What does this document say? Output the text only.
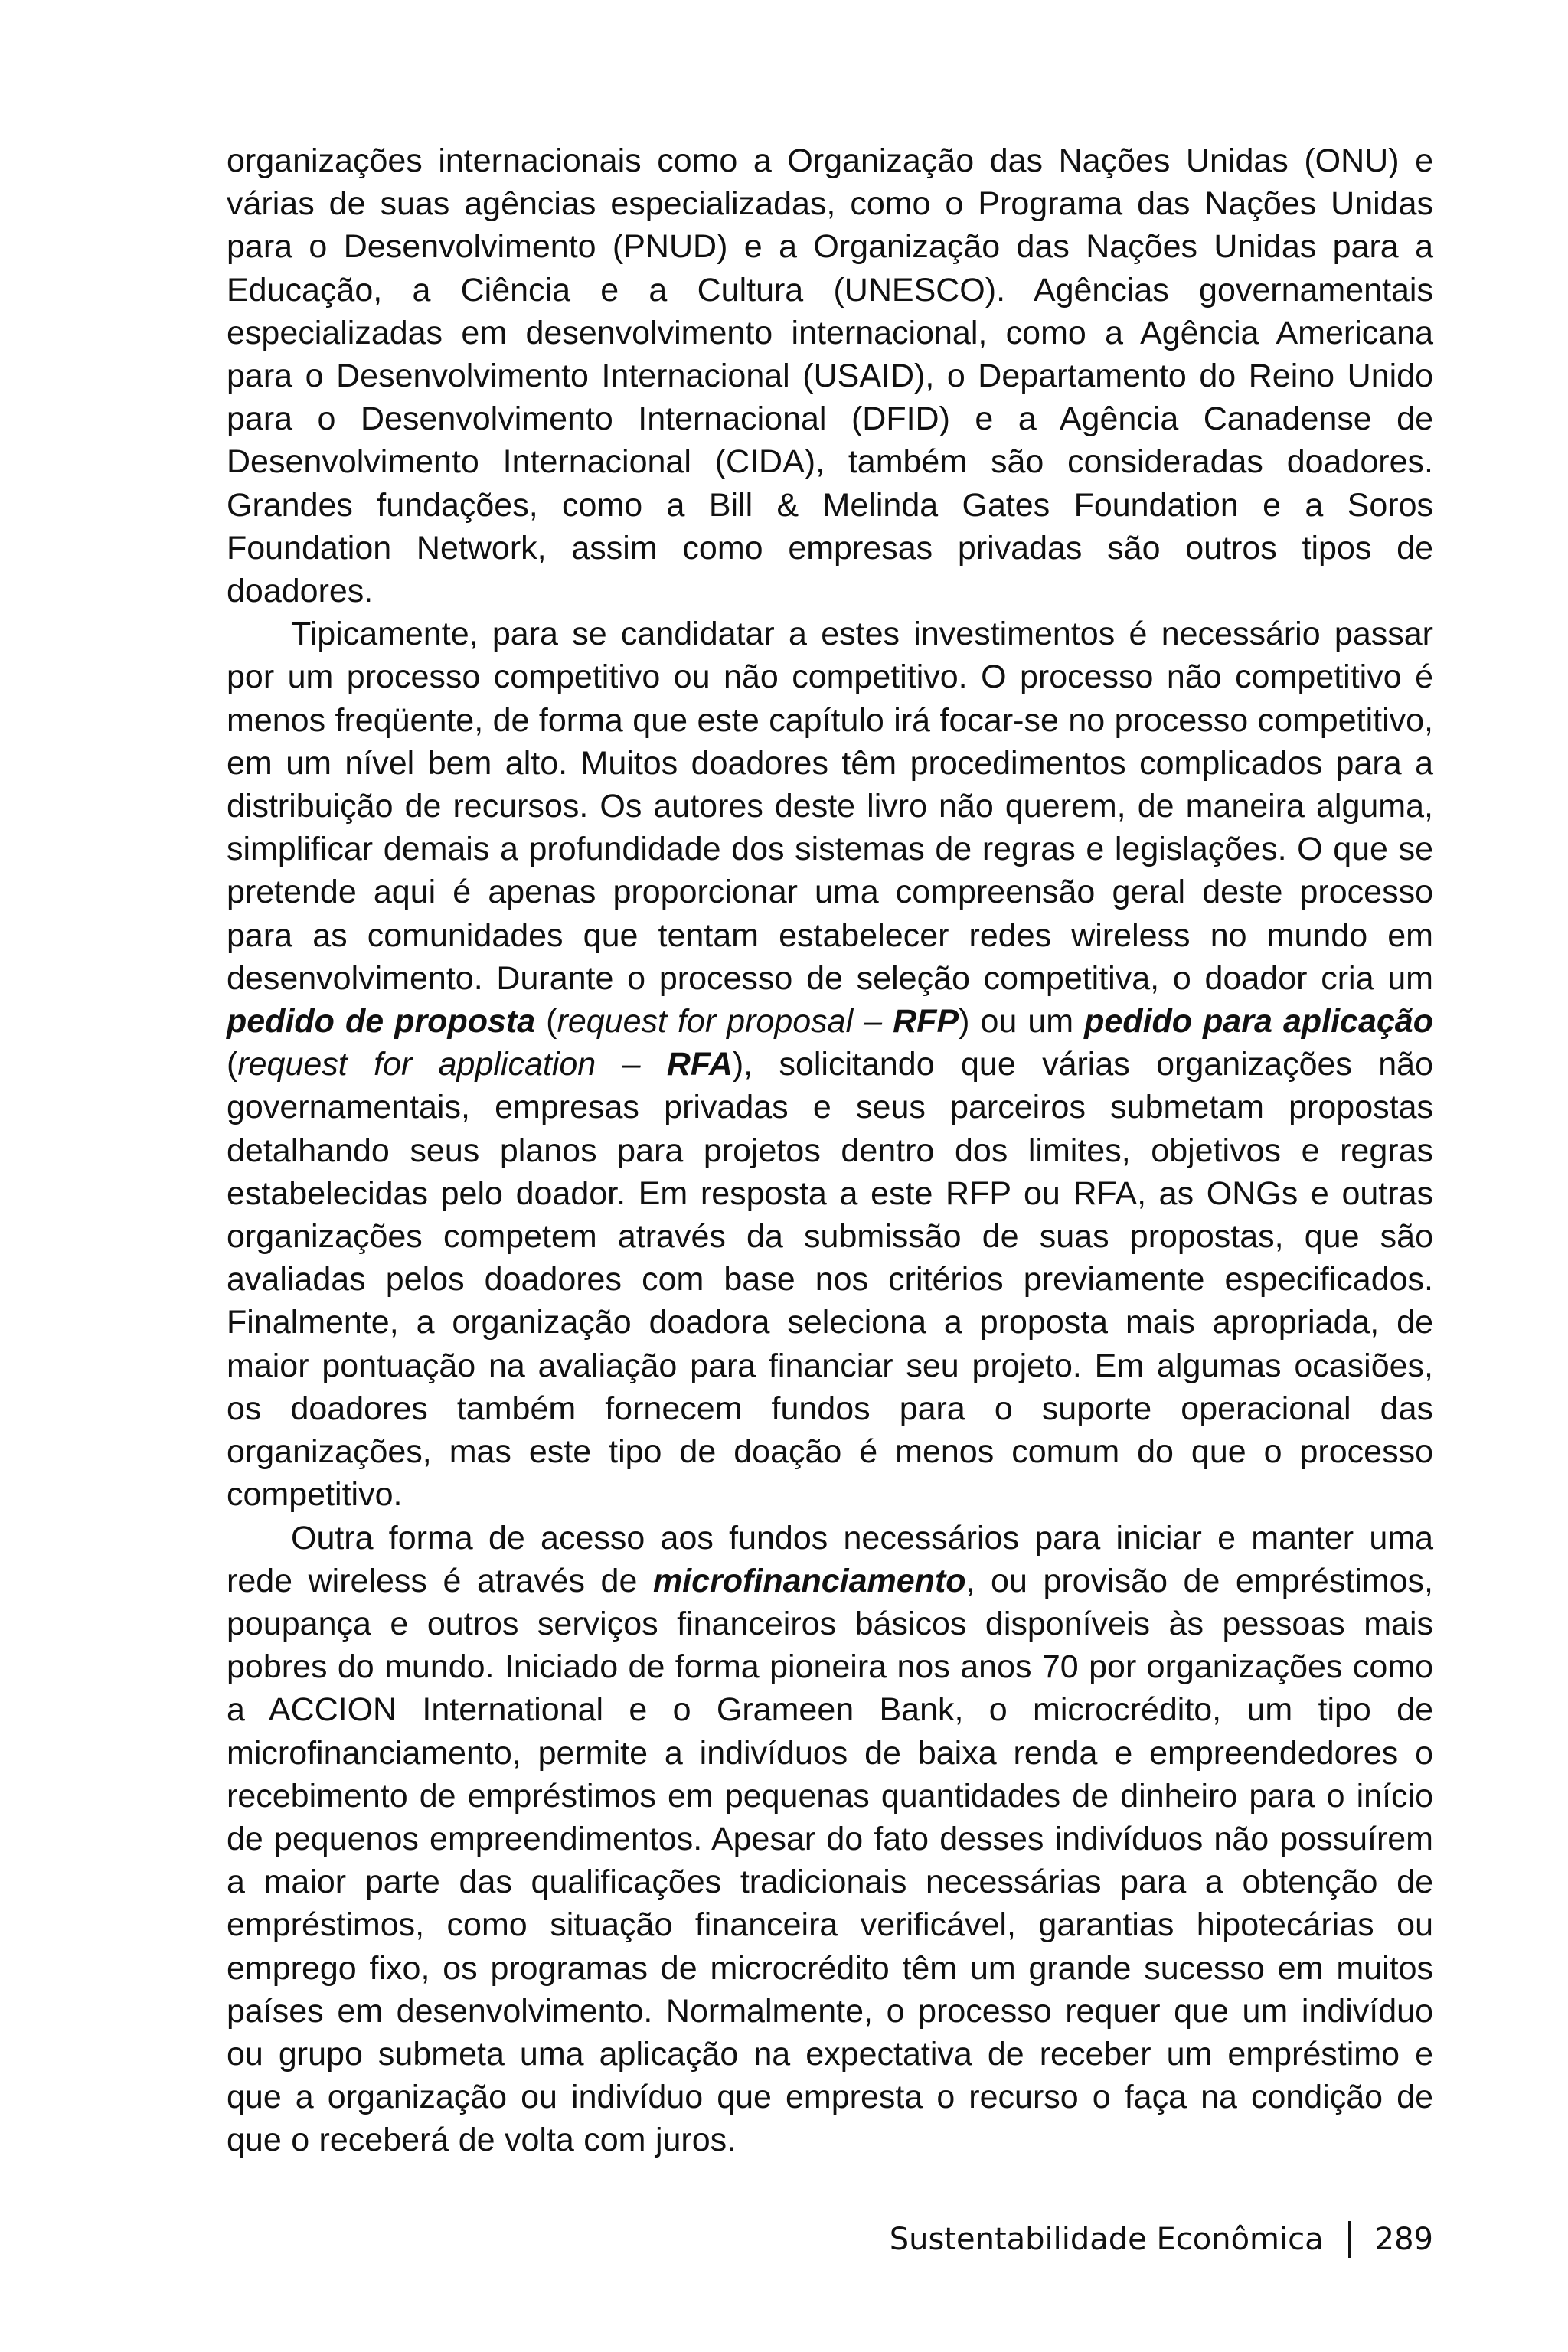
organizações internacionais como a Organização das Nações Unidas (ONU) e várias de suas agências especializadas, como o Programa das Nações Unidas para o Desenvolvimento (PNUD) e a Organização das Nações Unidas para a Educação, a Ciência e a Cultura (UNESCO). Agências governamentais especializadas em desenvolvimento internacional, como a Agência Americana para o Desenvolvimento Internacional (USAID), o Departamento do Reino Unido para o Desenvolvimento Internacional (DFID) e a Agência Canadense de Desenvolvimento Internacional (CIDA), também são consideradas doadores. Grandes fundações, como a Bill & Melinda Gates Foundation e a Soros Foundation Network, assim como empresas privadas são outros tipos de doadores.

Tipicamente, para se candidatar a estes investimentos é necessário passar por um processo competitivo ou não competitivo. O processo não competitivo é menos freqüente, de forma que este capítulo irá focar-se no processo competitivo, em um nível bem alto. Muitos doadores têm procedimentos complicados para a distribuição de recursos. Os autores deste livro não querem, de maneira alguma, simplificar demais a profundidade dos sistemas de regras e legislações. O que se pretende aqui é apenas proporcionar uma compreensão geral deste processo para as comunidades que tentam estabelecer redes wireless no mundo em desenvolvimento. Durante o processo de seleção competitiva, o doador cria um pedido de proposta (request for proposal – RFP) ou um pedido para aplicação (request for application – RFA), solicitando que várias organizações não governamentais, empresas privadas e seus parceiros submetam propostas detalhando seus planos para projetos dentro dos limites, objetivos e regras estabelecidas pelo doador. Em resposta a este RFP ou RFA, as ONGs e outras organizações competem através da submissão de suas propostas, que são avaliadas pelos doadores com base nos critérios previamente especificados. Finalmente, a organização doadora seleciona a proposta mais apropriada, de maior pontuação na avaliação para financiar seu projeto. Em algumas ocasiões, os doadores também fornecem fundos para o suporte operacional das organizações, mas este tipo de doação é menos comum do que o processo competitivo.

Outra forma de acesso aos fundos necessários para iniciar e manter uma rede wireless é através de microfinanciamento, ou provisão de empréstimos, poupança e outros serviços financeiros básicos disponíveis às pessoas mais pobres do mundo. Iniciado de forma pioneira nos anos 70 por organizações como a ACCION International e o Grameen Bank, o microcrédito, um tipo de microfinanciamento, permite a indivíduos de baixa renda e empreendedores o recebimento de empréstimos em pequenas quantidades de dinheiro para o início de pequenos empreendimentos. Apesar do fato desses indivíduos não possuírem a maior parte das qualificações tradicionais necessárias para a obtenção de empréstimos, como situação financeira verificável, garantias hipotecárias ou emprego fixo, os programas de microcrédito têm um grande sucesso em muitos países em desenvolvimento. Normalmente, o processo requer que um indivíduo ou grupo submeta uma aplicação na expectativa de receber um empréstimo e que a organização ou indivíduo que empresta o recurso o faça na condição de que o receberá de volta com juros.

Sustentabilidade Econômica 289
